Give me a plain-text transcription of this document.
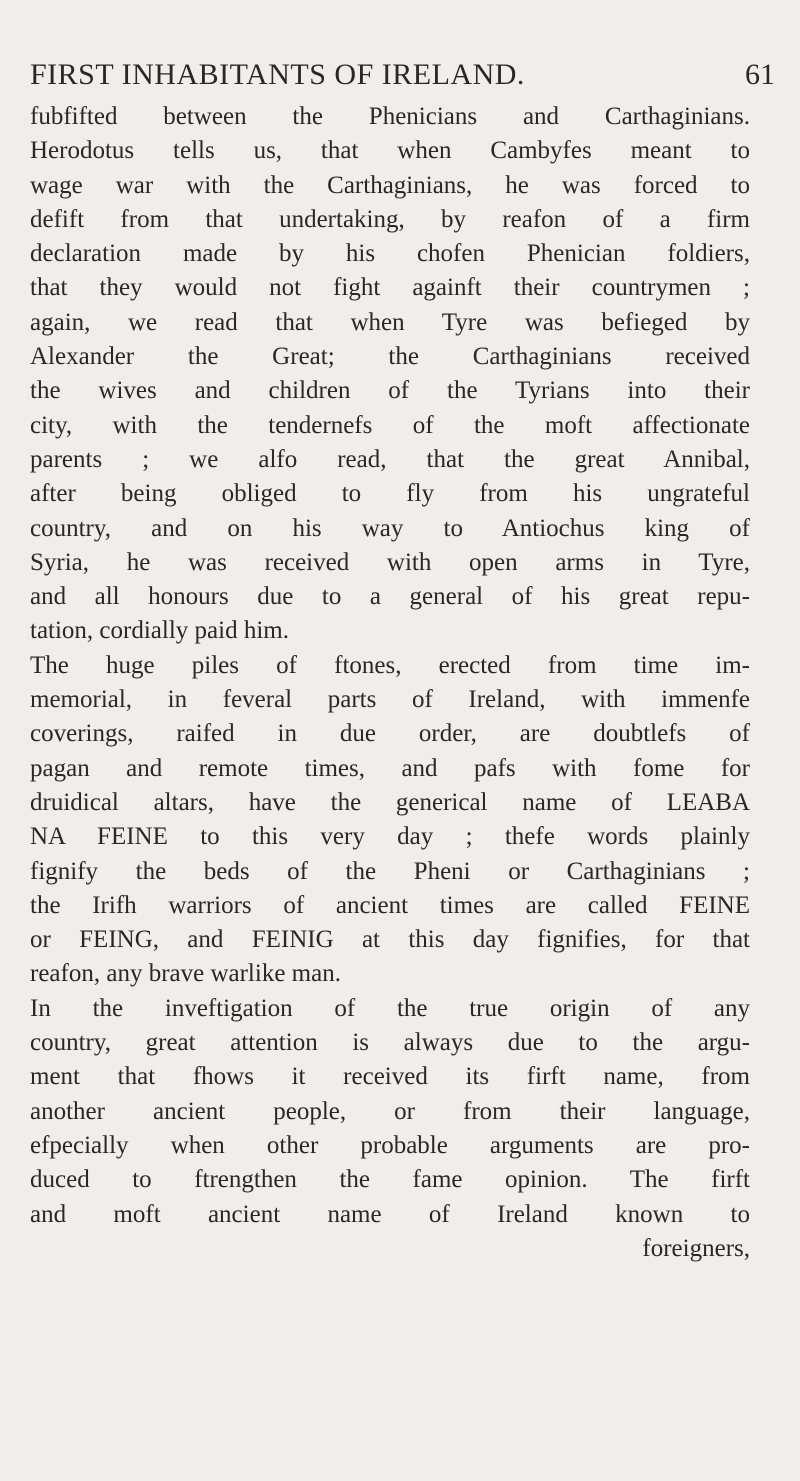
FIRST INHABITANTS OF IRELAND.	61
fubfifted between the Phenicians and Carthaginians.
Herodotus tells us, that when Cambyfes meant to
wage war with the Carthaginians, he was forced to
defift from that undertaking, by reafon of a firm
declaration made by his chofen Phenician foldiers,
that they would not fight againft their countrymen ;
again, we read that when Tyre was befieged by
Alexander the Great; the Carthaginians received
the wives and children of the Tyrians into their
city, with the tendernefs of the moft affectionate
parents ; we alfo read, that the great Annibal,
after being obliged to fly from his ungrateful
country, and on his way to Antiochus king of
Syria, he was received with open arms in Tyre,
and all honours due to a general of his great repu-
tation, cordially paid him.
The huge piles of ftones, erected from time im-
memorial, in feveral parts of Ireland, with immenfe
coverings, raifed in due order, are doubtlefs of
pagan and remote times, and pafs with fome for
druidical altars, have the generical name of LEABA
NA FEINE to this very day ; thefe words plainly
fignify the beds of the Pheni or Carthaginians ;
the Irifh warriors of ancient times are called FEINE
or FEING, and FEINIG at this day fignifies, for that
reafon, any brave warlike man.
In the inveftigation of the true origin of any
country, great attention is always due to the argu-
ment that fhows it received its firft name, from
another ancient people, or from their language,
efpecially when other probable arguments are pro-
duced to ftrengthen the fame opinion. The firft
and moft ancient name of Ireland known to
foreigners,
